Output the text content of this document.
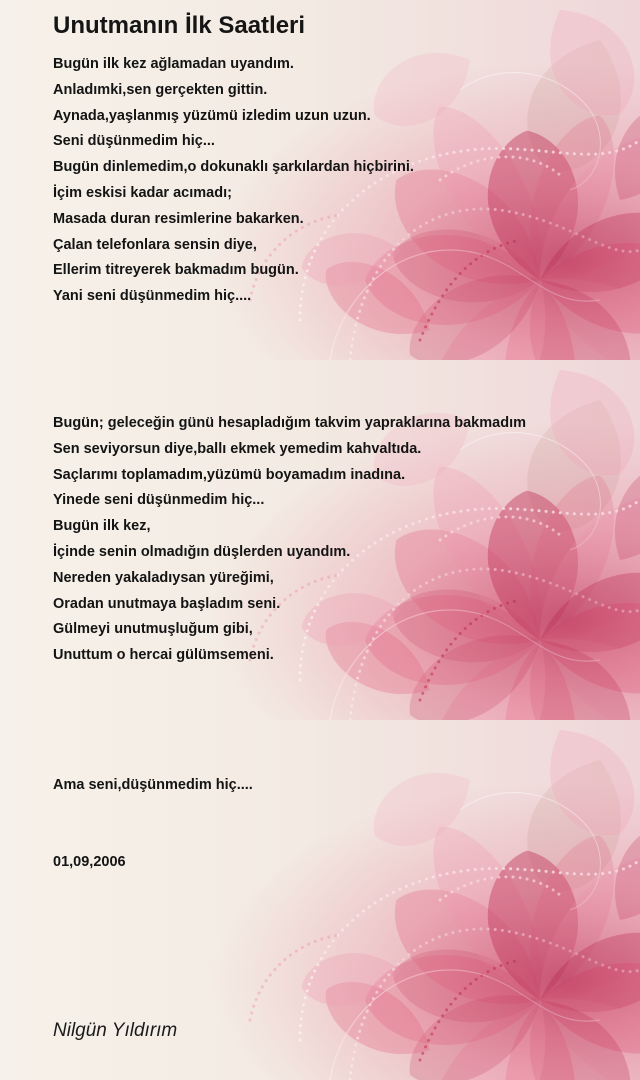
Unutmanın İlk Saatleri
Bugün ilk kez ağlamadan uyandım.
Anladımki,sen gerçekten gittin.
Aynada,yaşlanmış yüzümü izledim uzun uzun.
Seni düşünmedim hiç...
Bugün dinlemedim,o dokunaklı şarkılardan hiçbirini.
İçim eskisi kadar acımadı;
Masada duran resimlerine bakarken.
Çalan telefonlara sensin diye,
Ellerim titreyerek bakmadım bugün.
Yani seni düşünmedim hiç....
Bugün; geleceğin günü hesapladığım takvim yapraklarına bakmadım
Sen seviyorsun diye,ballı ekmek yemedim kahvaltıda.
Saçlarımı toplamadım,yüzümü boyamadım inadına.
Yinede seni düşünmedim hiç...
Bugün ilk kez,
İçinde senin olmadığın düşlerden uyandım.
Nereden yakaladıysan yüreğimi,
Oradan unutmaya başladım seni.
Gülmeyi unutmuşluğum gibi,
Unuttum o hercai gülümsemeni.
Ama seni,düşünmedim hiç....
01,09,2006
Nilgün Yıldırım
